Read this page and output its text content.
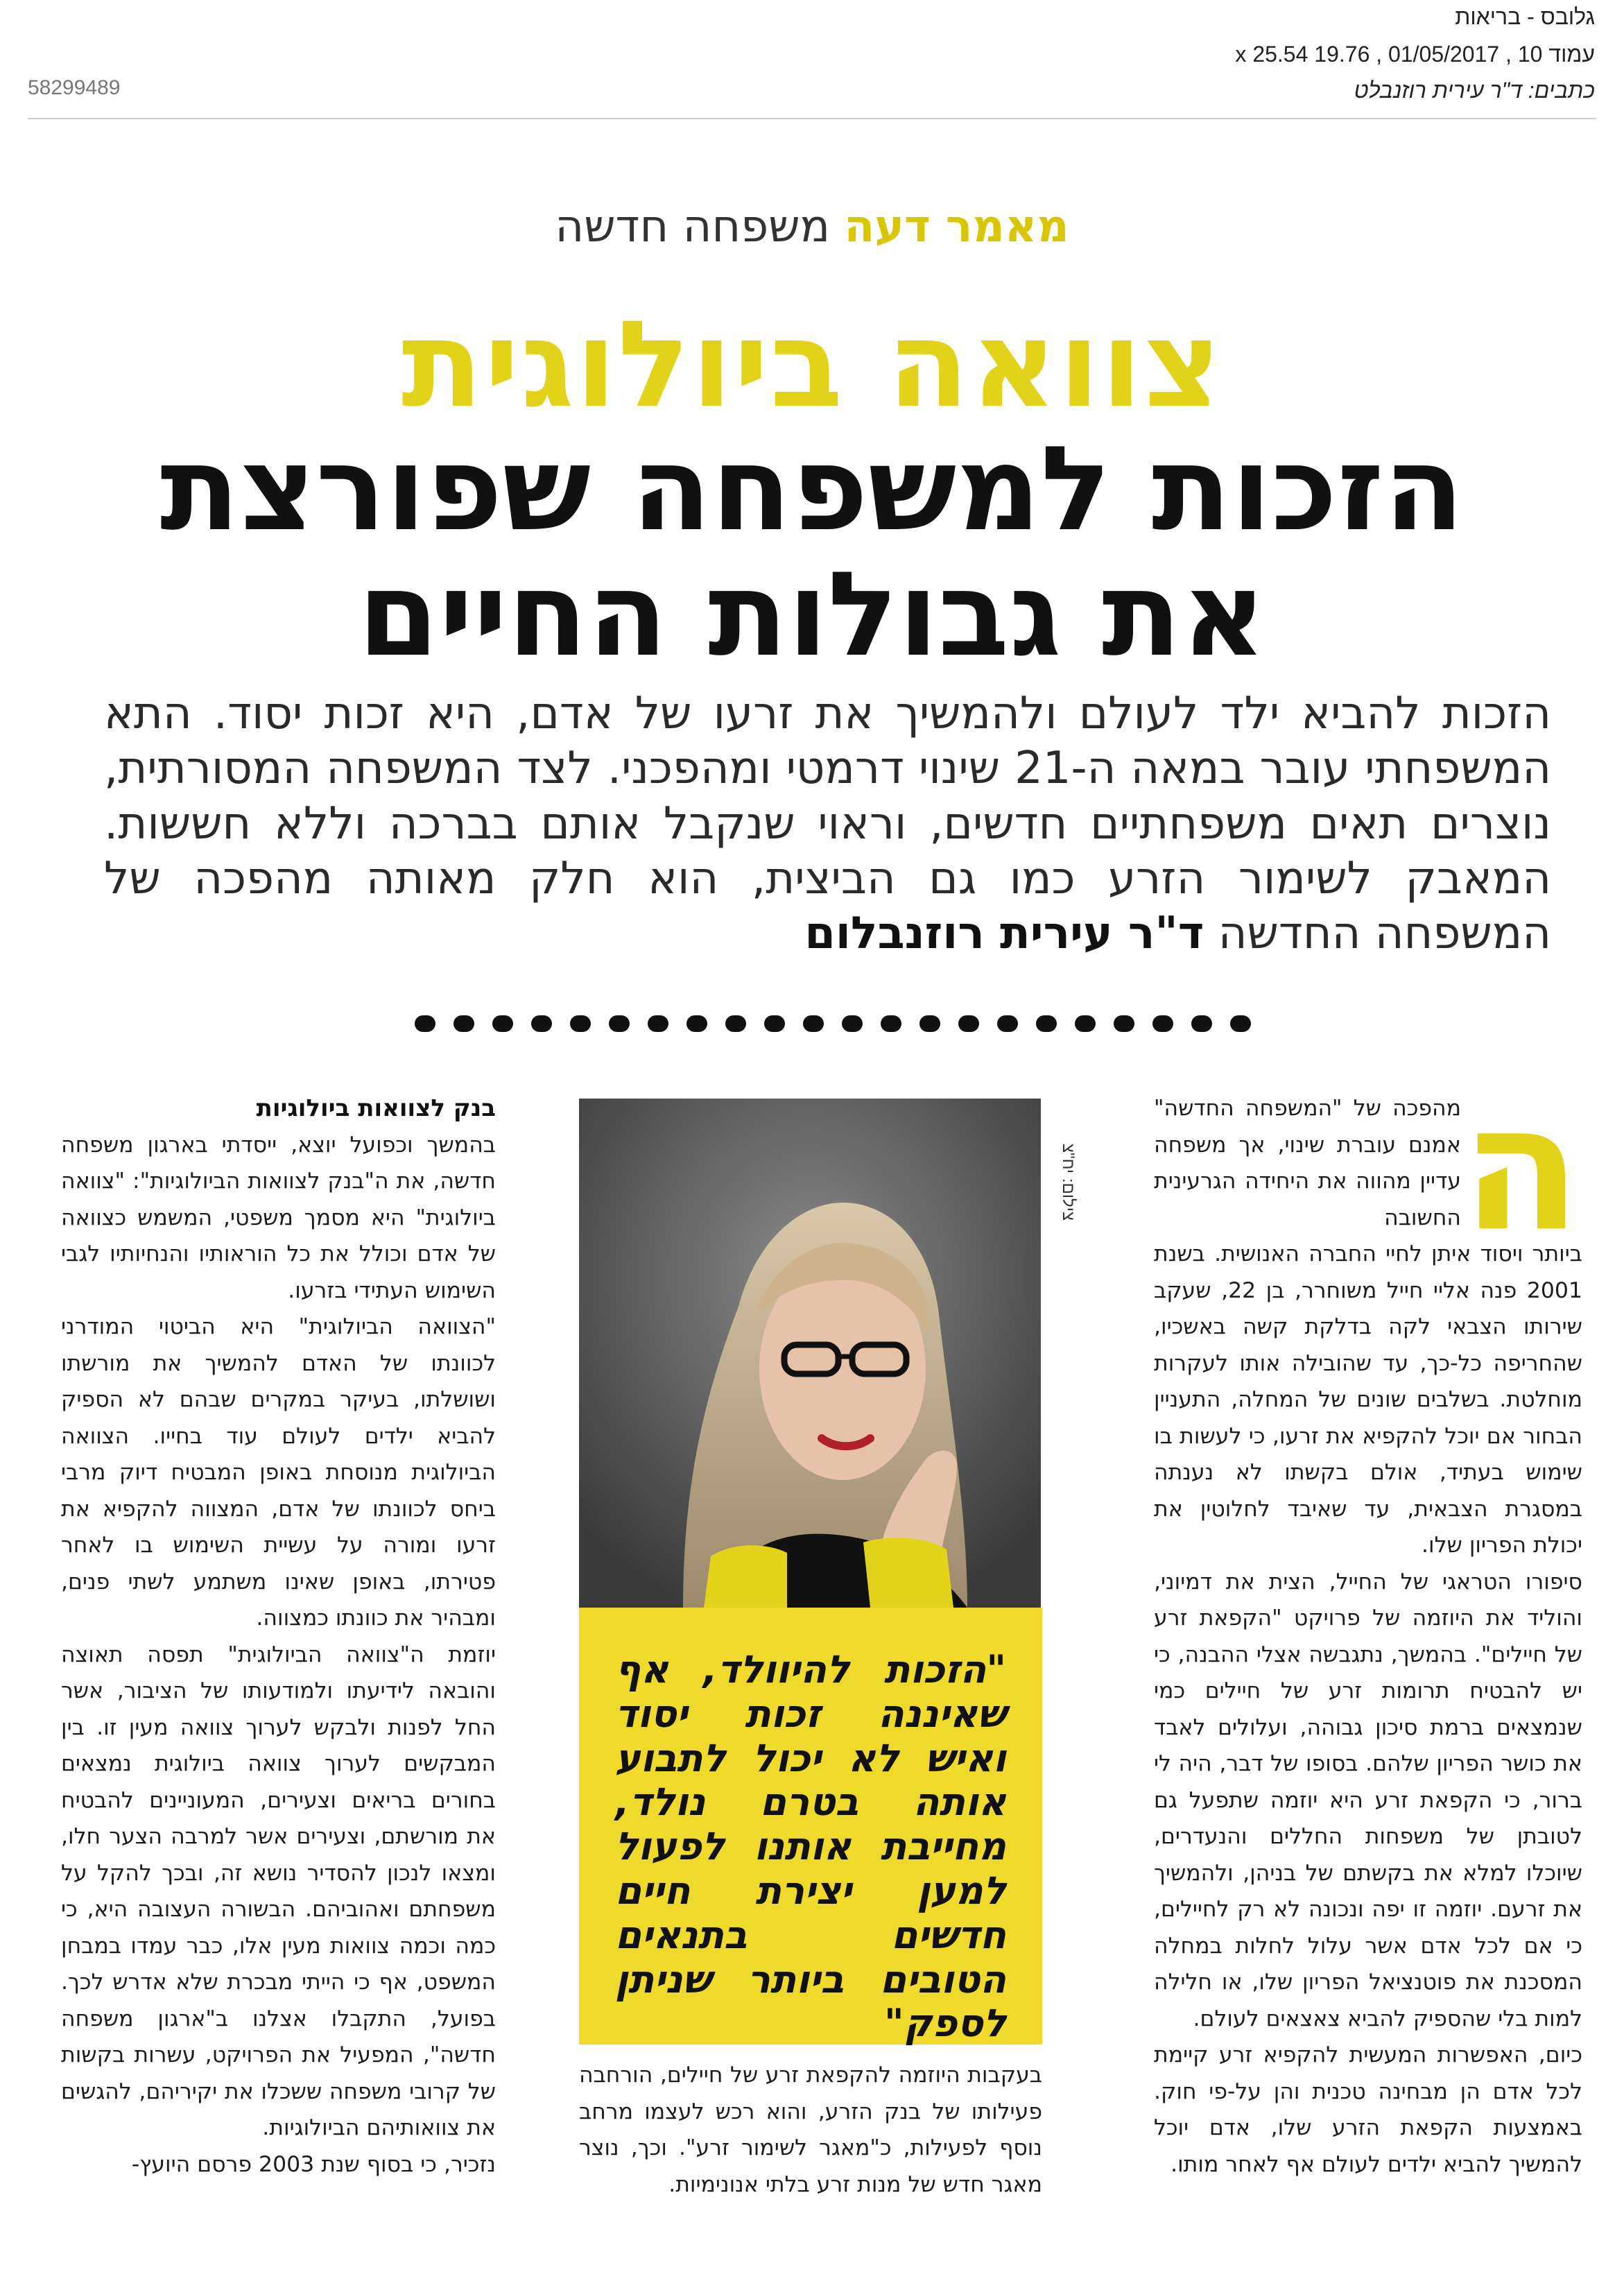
גלובס - בריאות
עמוד 10 , 01/05/2017 , 19.76 x 25.54
כתבים: ד"ר עירית רוזנבלט
58299489
מאמר דעה משפחה חדשה
צוואה ביולוגית
הזכות למשפחה שפורצת
את גבולות החיים
הזכות להביא ילד לעולם ולהמשיך את זרעו של אדם, היא זכות יסוד. התא המשפחתי עובר במאה ה-21 שינוי דרמטי ומהפכני. לצד המשפחה המסורתית, נוצרים תאים משפחתיים חדשים, וראוי שנקבל אותם בברכה וללא חששות. המאבק לשימור הזרע כמו גם הביצית, הוא חלק מאותה מהפכה של המשפחה החדשה ד"ר עירית רוזנבלום
ה

מהפכה של "המשפחה החדשה" אמנם עוברת שינוי, אך משפחה עדיין מהווה את היחידה הגרעינית החשובה

ביותר ויסוד איתן לחיי החברה האנושית. בשנת 2001 פנה אליי חייל משוחרר, בן 22, שעקב שירותו הצבאי לקה בדלקת קשה באשכיו, שהחריפה כל-כך, עד שהובילה אותו לעקרות מוחלטת. בשלבים שונים של המחלה, התעניין הבחור אם יוכל להקפיא את זרעו, כי לעשות בו שימוש בעתיד, אולם בקשתו לא נענתה במסגרת הצבאית, עד שאיבד לחלוטין את יכולת הפריון שלו.

סיפורו הטראגי של החייל, הצית את דמיוני, והוליד את היוזמה של פרויקט "הקפאת זרע של חיילים". בהמשך, נתגבשה אצלי ההבנה, כי יש להבטיח תרומות זרע של חיילים כמי שנמצאים ברמת סיכון גבוהה, ועלולים לאבד את כושר הפריון שלהם. בסופו של דבר, היה לי ברור, כי הקפאת זרע היא יוזמה שתפעל גם לטובתן של משפחות החללים והנעדרים, שיוכלו למלא את בקשתם של בניהן, ולהמשיך את זרעם. יוזמה זו יפה ונכונה לא רק לחיילים, כי אם לכל אדם אשר עלול לחלות במחלה המסכנת את פוטנציאל הפריון שלו, או חלילה למות בלי שהספיק להביא צאצאים לעולם.

כיום, האפשרות המעשית להקפיא זרע קיימת לכל אדם הן מבחינה טכנית והן על-פי חוק. באמצעות הקפאת הזרע שלו, אדם יוכל להמשיך להביא ילדים לעולם אף לאחר מותו.

צילום: יח"צ
"הזכות להיוולד, אף שאיננה זכות יסוד ואיש לא יכול לתבוע אותה בטרם נולד, מחייבת אותנו לפעול למען יצירת חיים חדשים בתנאים הטובים ביותר שניתן לספק"

בעקבות היוזמה להקפאת זרע של חיילים, הורחבה פעילותו של בנק הזרע, והוא רכש לעצמו מרחב נוסף לפעילות, כ"מאגר לשימור זרע". וכך, נוצר מאגר חדש של מנות זרע בלתי אנונימיות.

בנק לצוואות ביולוגיות

בהמשך וכפועל יוצא, ייסדתי בארגון משפחה חדשה, את ה"בנק לצוואות הביולוגיות": "צוואה ביולוגית" היא מסמך משפטי, המשמש כצוואה של אדם וכולל את כל הוראותיו והנחיותיו לגבי השימוש העתידי בזרעו.

"הצוואה הביולוגית" היא הביטוי המודרני לכוונתו של האדם להמשיך את מורשתו ושושלתו, בעיקר במקרים שבהם לא הספיק להביא ילדים לעולם עוד בחייו. הצוואה הביולוגית מנוסחת באופן המבטיח דיוק מרבי ביחס לכוונתו של אדם, המצווה להקפיא את זרעו ומורה על עשיית השימוש בו לאחר פטירתו, באופן שאינו משתמע לשתי פנים, ומבהיר את כוונתו כמצווה.

יוזמת ה"צוואה הביולוגית" תפסה תאוצה והובאה לידיעתו ולמודעותו של הציבור, אשר החל לפנות ולבקש לערוך צוואה מעין זו. בין המבקשים לערוך צוואה ביולוגית נמצאים בחורים בריאים וצעירים, המעוניינים להבטיח את מורשתם, וצעירים אשר למרבה הצער חלו, ומצאו לנכון להסדיר נושא זה, ובכך להקל על משפחתם ואהוביהם. הבשורה העצובה היא, כי כמה וכמה צוואות מעין אלו, כבר עמדו במבחן המשפט, אף כי הייתי מבכרת שלא אדרש לכך. בפועל, התקבלו אצלנו ב"ארגון משפחה חדשה", המפעיל את הפרויקט, עשרות בקשות של קרובי משפחה ששכלו את יקיריהם, להגשים את צוואותיהם הביולוגיות.

נזכיר, כי בסוף שנת 2003 פרסם היועץ-
